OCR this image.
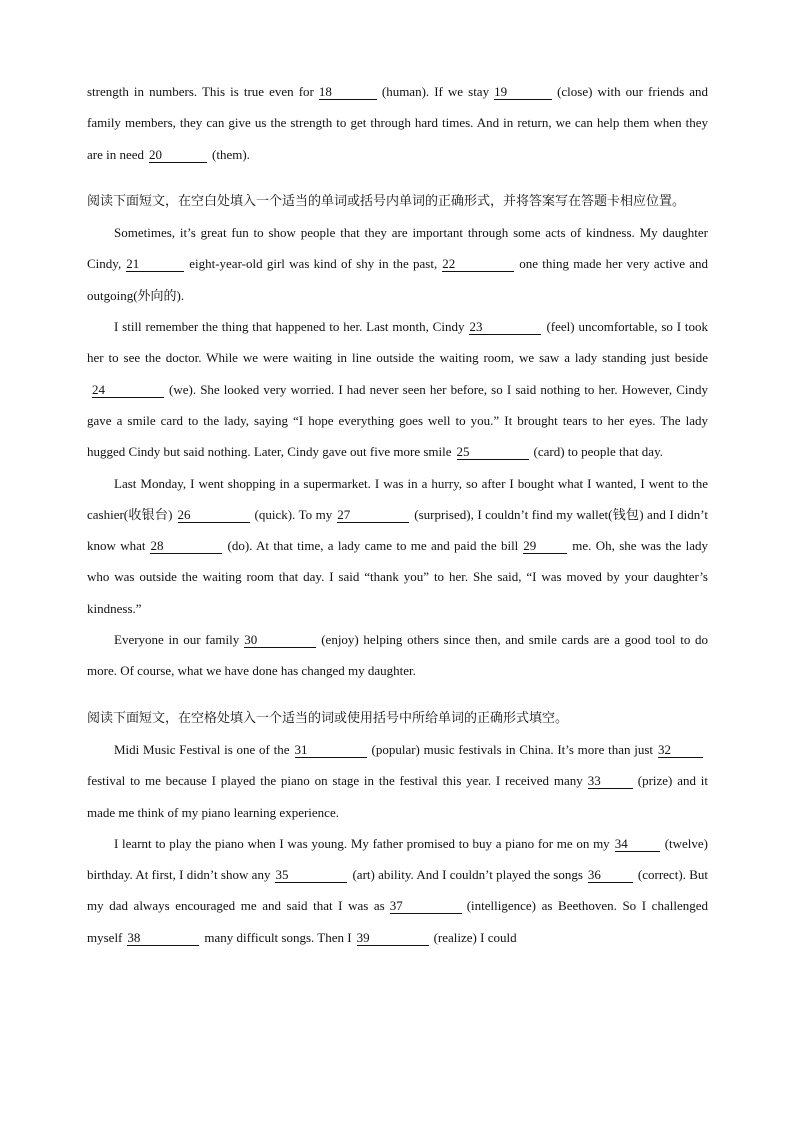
strength in numbers. This is true even for 18	(human). If we stay 19	(close) with our friends and family members, they can give us the strength to get through hard times. And in return, we can help them when they are in need 20	(them).

阅读下面短文，在空白处填入一个适当的单词或括号内单词的正确形式，并将答案写在答题卡相应位置。

Sometimes, it’s great fun to show people that they are important through some acts of kindness. My daughter Cindy, 21	eight-year-old girl was kind of shy in the past, 22	one thing made her very active and outgoing(外向的).

I still remember the thing that happened to her. Last month, Cindy 23	(feel) uncomfortable, so I took her to see the doctor. While we were waiting in line outside the waiting room, we saw a lady standing just beside24	(we). She looked very worried. I had never seen her before, so I said nothing to her. However, Cindy gave a smile card to the lady, saying “I hope everything goes well to you.” It brought tears to her eyes. The lady hugged Cindy but said nothing. Later, Cindy gave out five more smile 25	(card) to people that day.

Last Monday, I went shopping in a supermarket. I was in a hurry, so after I bought what I wanted, I went to the cashier(收银台) 26	(quick). To my 27	(surprised), I couldn’t find my wallet(钱包) and I didn’t know what 28	(do). At that time, a lady came to me and paid the bill 29	me. Oh, she was the lady who was outside the waiting room that day. I said “thank you” to her. She said, “I was moved by your daughter’s kindness.”

Everyone in our family 30	(enjoy) helping others since then, and smile cards are a good tool to do more. Of course, what we have done has changed my daughter.

阅读下面短文，在空格处填入一个适当的词或使用括号中所给单词的正确形式填空。

Midi Music Festival is one of the 31	(popular) music festivals in China. It’s more than just 32festival to me because I played the piano on stage in the festival this year. I received many 33	(prize) and it made me think of my piano learning experience.

I learnt to play the piano when I was young. My father promised to buy a piano for me on my 34	(twelve) birthday. At first, I didn’t show any 35	(art) ability. And I couldn’t played the songs 36	(correct). But my dad always encouraged me and said that I was as 37	(intelligence) as Beethoven. So I challenged myself 38	many difficult songs. Then I 39	(realize) I could
